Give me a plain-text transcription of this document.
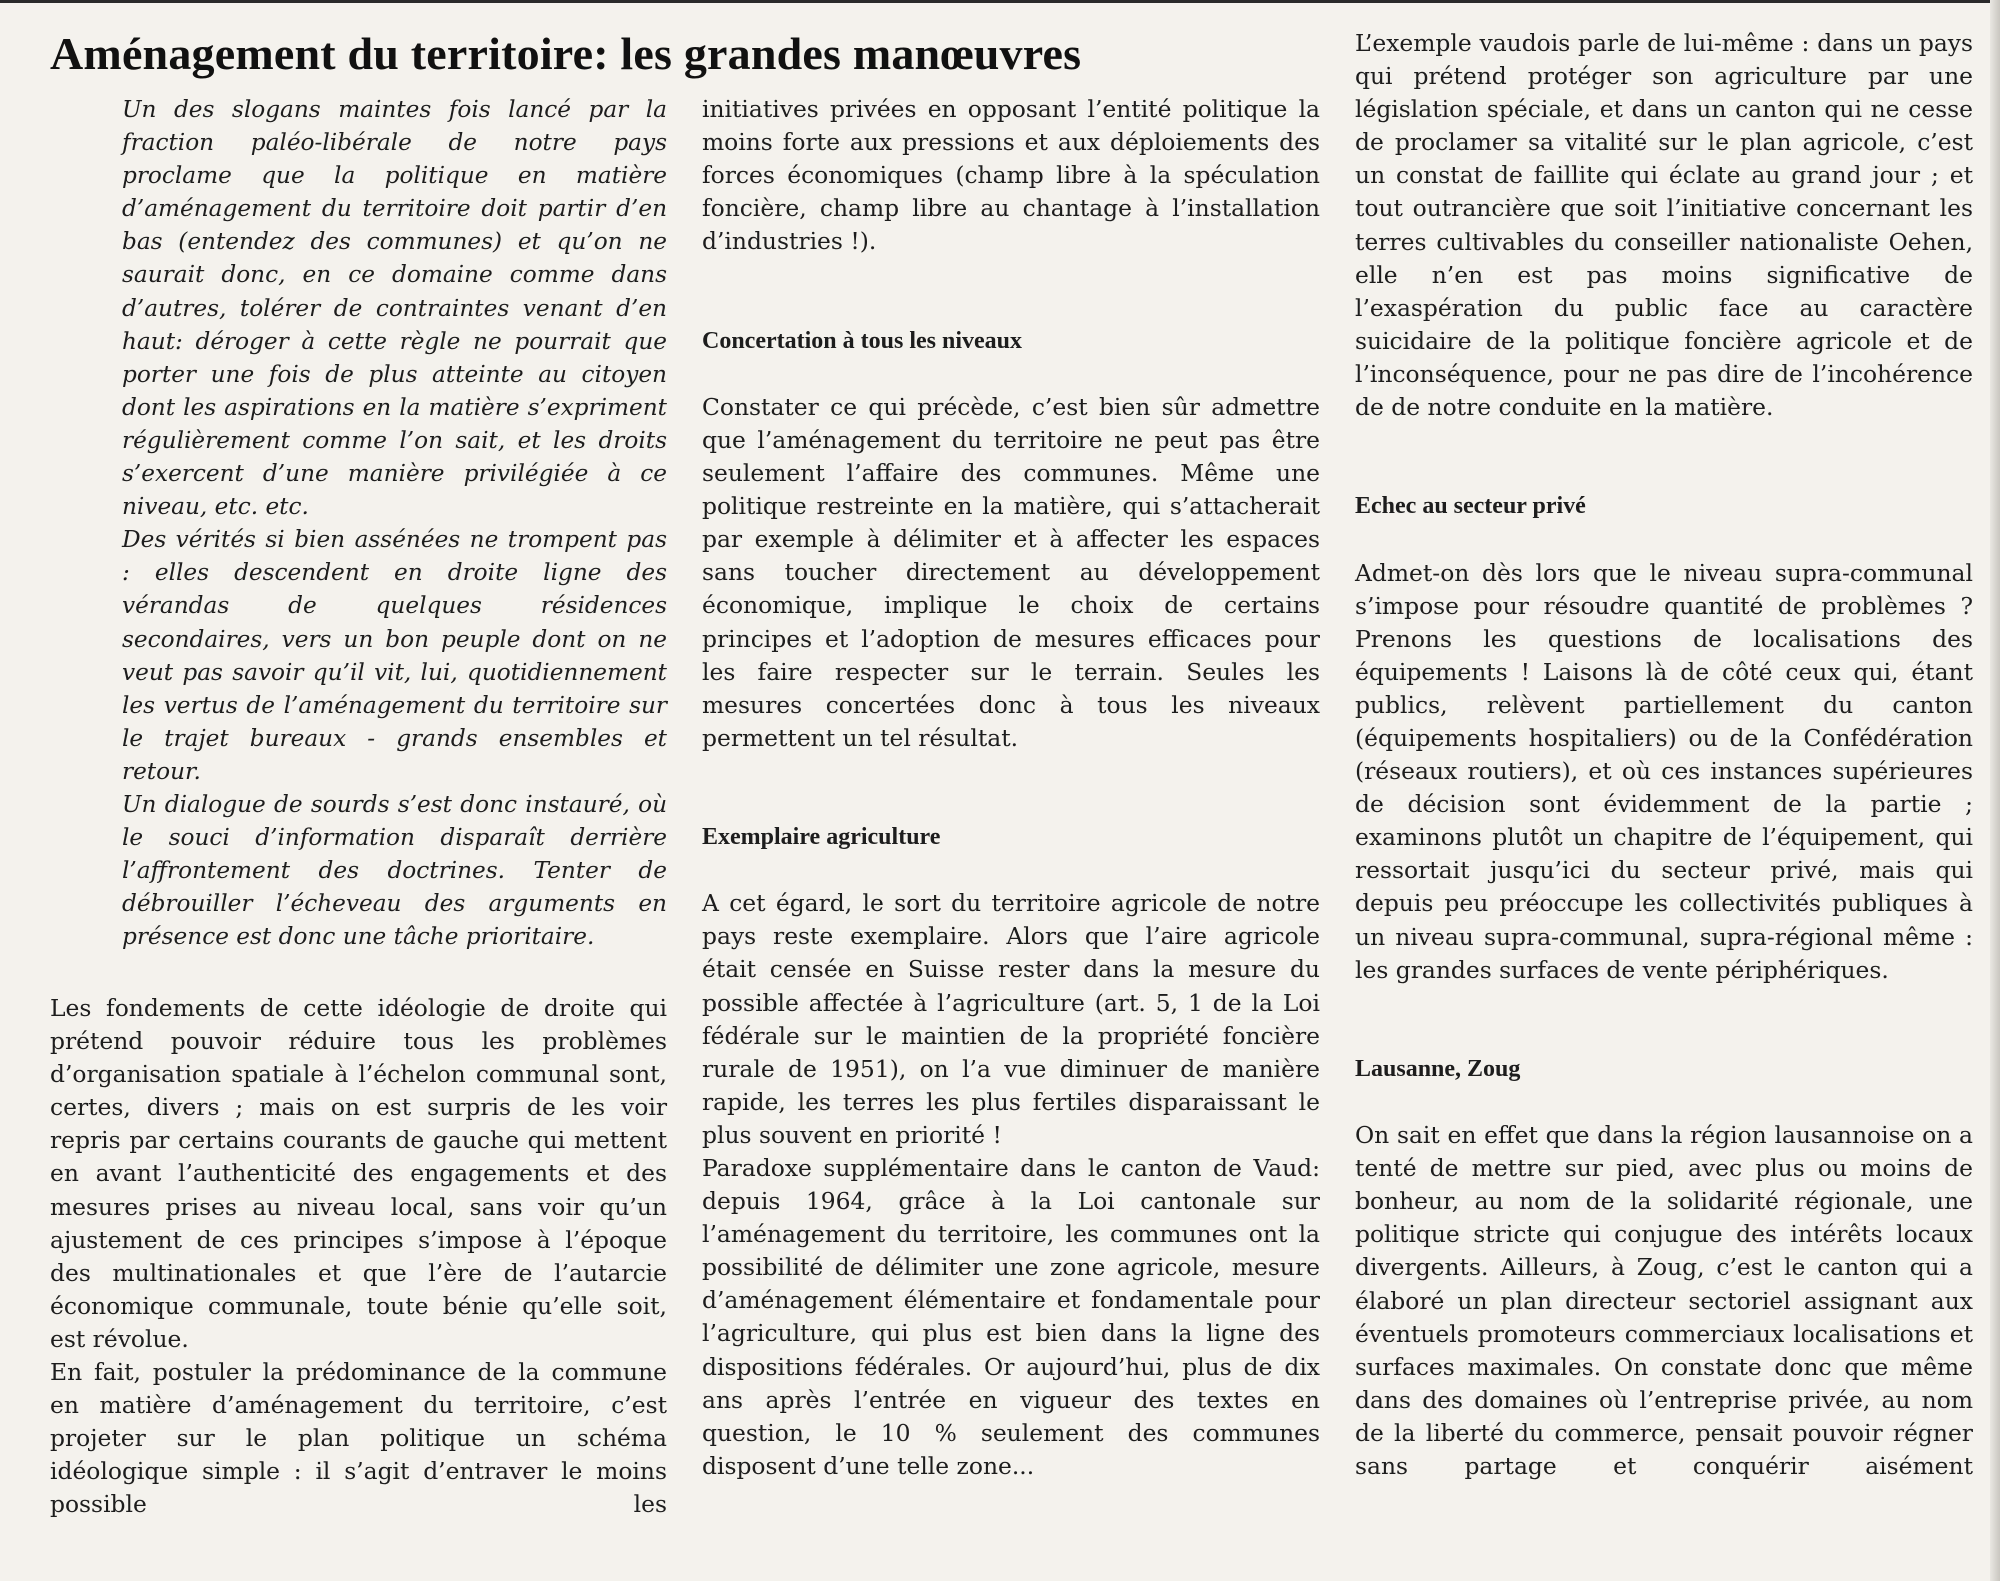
Aménagement du territoire: les grandes manœuvres

Un des slogans maintes fois lancé par la fraction paléo-libérale de notre pays proclame que la politique en matière d’aménagement du territoire doit partir d’en bas (entendez des communes) et qu’on ne saurait donc, en ce domaine comme dans d’autres, tolérer de contraintes venant d’en haut: déroger à cette règle ne pourrait que porter une fois de plus atteinte au citoyen dont les aspirations en la matière s’expriment régulièrement comme l’on sait, et les droits s’exercent d’une manière privilégiée à ce niveau, etc. etc.

Des vérités si bien assénées ne trompent pas : elles descendent en droite ligne des vérandas de quelques résidences secondaires, vers un bon peuple dont on ne veut pas savoir qu’il vit, lui, quotidiennement les vertus de l’aménagement du territoire sur le trajet bureaux - grands ensembles et retour.

Un dialogue de sourds s’est donc instauré, où le souci d’information disparaît derrière l’affrontement des doctrines. Tenter de débrouiller l’écheveau des arguments en présence est donc une tâche prioritaire.

Les fondements de cette idéologie de droite qui prétend pouvoir réduire tous les problèmes d’organisation spatiale à l’échelon communal sont, certes, divers ; mais on est surpris de les voir repris par certains courants de gauche qui mettent en avant l’authenticité des engagements et des mesures prises au niveau local, sans voir qu’un ajustement de ces principes s’impose à l’époque des multinationales et que l’ère de l’autarcie économique communale, toute bénie qu’elle soit, est révolue.

En fait, postuler la prédominance de la commune en matière d’aménagement du territoire, c’est projeter sur le plan politique un schéma idéologique simple : il s’agit d’entraver le moins possible les

initiatives privées en opposant l’entité politique la moins forte aux pressions et aux déploiements des forces économiques (champ libre à la spéculation foncière, champ libre au chantage à l’installation d’industries !).

Concertation à tous les niveaux

Constater ce qui précède, c’est bien sûr admettre que l’aménagement du territoire ne peut pas être seulement l’affaire des communes. Même une politique restreinte en la matière, qui s’attacherait par exemple à délimiter et à affecter les espaces sans toucher directement au développement économique, implique le choix de certains principes et l’adoption de mesures efficaces pour les faire respecter sur le terrain. Seules les mesures concertées donc à tous les niveaux permettent un tel résultat.

Exemplaire agriculture

A cet égard, le sort du territoire agricole de notre pays reste exemplaire. Alors que l’aire agricole était censée en Suisse rester dans la mesure du possible affectée à l’agriculture (art. 5, 1 de la Loi fédérale sur le maintien de la propriété foncière rurale de 1951), on l’a vue diminuer de manière rapide, les terres les plus fertiles disparaissant le plus souvent en priorité !

Paradoxe supplémentaire dans le canton de Vaud: depuis 1964, grâce à la Loi cantonale sur l’aménagement du territoire, les communes ont la possibilité de délimiter une zone agricole, mesure d’aménagement élémentaire et fondamentale pour l’agriculture, qui plus est bien dans la ligne des dispositions fédérales. Or aujourd’hui, plus de dix ans après l’entrée en vigueur des textes en question, le 10 % seulement des communes disposent d’une telle zone...

L’exemple vaudois parle de lui-même : dans un pays qui prétend protéger son agriculture par une législation spéciale, et dans un canton qui ne cesse de proclamer sa vitalité sur le plan agricole, c’est un constat de faillite qui éclate au grand jour ; et tout outrancière que soit l’initiative concernant les terres cultivables du conseiller nationaliste Oehen, elle n’en est pas moins significative de l’exaspération du public face au caractère suicidaire de la politique foncière agricole et de l’inconséquence, pour ne pas dire de l’incohérence de de notre conduite en la matière.

Echec au secteur privé

Admet-on dès lors que le niveau supra-communal s’impose pour résoudre quantité de problèmes ? Prenons les questions de localisations des équipements ! Laisons là de côté ceux qui, étant publics, relèvent partiellement du canton (équipements hospitaliers) ou de la Confédération (réseaux routiers), et où ces instances supérieures de décision sont évidemment de la partie ; examinons plutôt un chapitre de l’équipement, qui ressortait jusqu’ici du secteur privé, mais qui depuis peu préoccupe les collectivités publiques à un niveau supra-communal, supra-régional même : les grandes surfaces de vente périphériques.

Lausanne, Zoug

On sait en effet que dans la région lausannoise on a tenté de mettre sur pied, avec plus ou moins de bonheur, au nom de la solidarité régionale, une politique stricte qui conjugue des intérêts locaux divergents. Ailleurs, à Zoug, c’est le canton qui a élaboré un plan directeur sectoriel assignant aux éventuels promoteurs commerciaux localisations et surfaces maximales. On constate donc que même dans des domaines où l’entreprise privée, au nom de la liberté du commerce, pensait pouvoir régner sans partage et conquérir aisément
